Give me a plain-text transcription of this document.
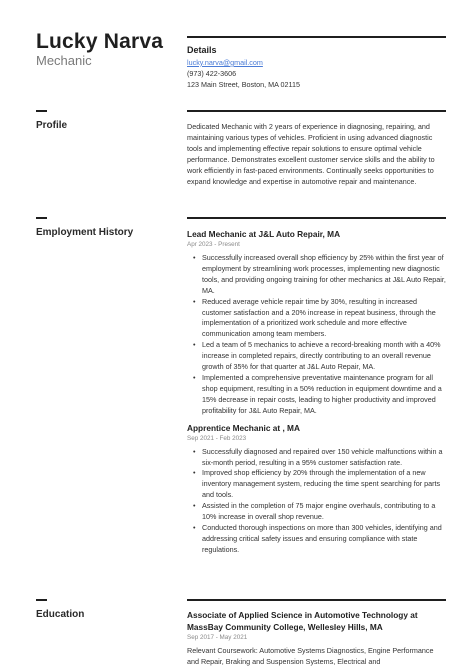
Lucky Narva
Mechanic
Details
lucky.narva@gmail.com
(973) 422-3606
123 Main Street, Boston, MA 02115
Profile	Dedicated Mechanic with 2 years of experience in diagnosing, repairing, and maintaining various types of vehicles. Proficient in using advanced diagnostic tools and implementing effective repair solutions to ensure optimal vehicle performance. Demonstrates excellent customer service skills and the ability to work efficiently in fast-paced environments. Continually seeks opportunities to expand knowledge and expertise in automotive repair and maintenance.

Employment History	Lead Mechanic at J&L Auto Repair, MA
Apr 2023 - Present
• Successfully increased overall shop efficiency by 25% within the first year of employment by streamlining work processes, implementing new diagnostic tools, and providing ongoing training for other mechanics at J&L Auto Repair, MA.
• Reduced average vehicle repair time by 30%, resulting in increased customer satisfaction and a 20% increase in repeat business, through the implementation of a prioritized work schedule and more effective communication among team members.
• Led a team of 5 mechanics to achieve a record-breaking month with a 40% increase in completed repairs, directly contributing to an overall revenue growth of 35% for that quarter at J&L Auto Repair, MA.
• Implemented a comprehensive preventative maintenance program for all shop equipment, resulting in a 50% reduction in equipment downtime and a 15% decrease in repair costs, leading to higher productivity and improved profitability for J&L Auto Repair, MA.
Apprentice Mechanic at , MA
Sep 2021 - Feb 2023
• Successfully diagnosed and repaired over 150 vehicle malfunctions within a six-month period, resulting in a 95% customer satisfaction rate.
• Improved shop efficiency by 20% through the implementation of a new inventory management system, reducing the time spent searching for parts and tools.
• Assisted in the completion of 75 major engine overhauls, contributing to a 10% increase in overall shop revenue.
• Conducted thorough inspections on more than 300 vehicles, identifying and addressing critical safety issues and ensuring compliance with state regulations.
Education	Associate of Applied Science in Automotive Technology at MassBay Community College, Wellesley Hills, MA
Sep 2017 - May 2021

Relevant Coursework: Automotive Systems Diagnostics, Engine Performance and Repair, Braking and Suspension Systems, Electrical and
